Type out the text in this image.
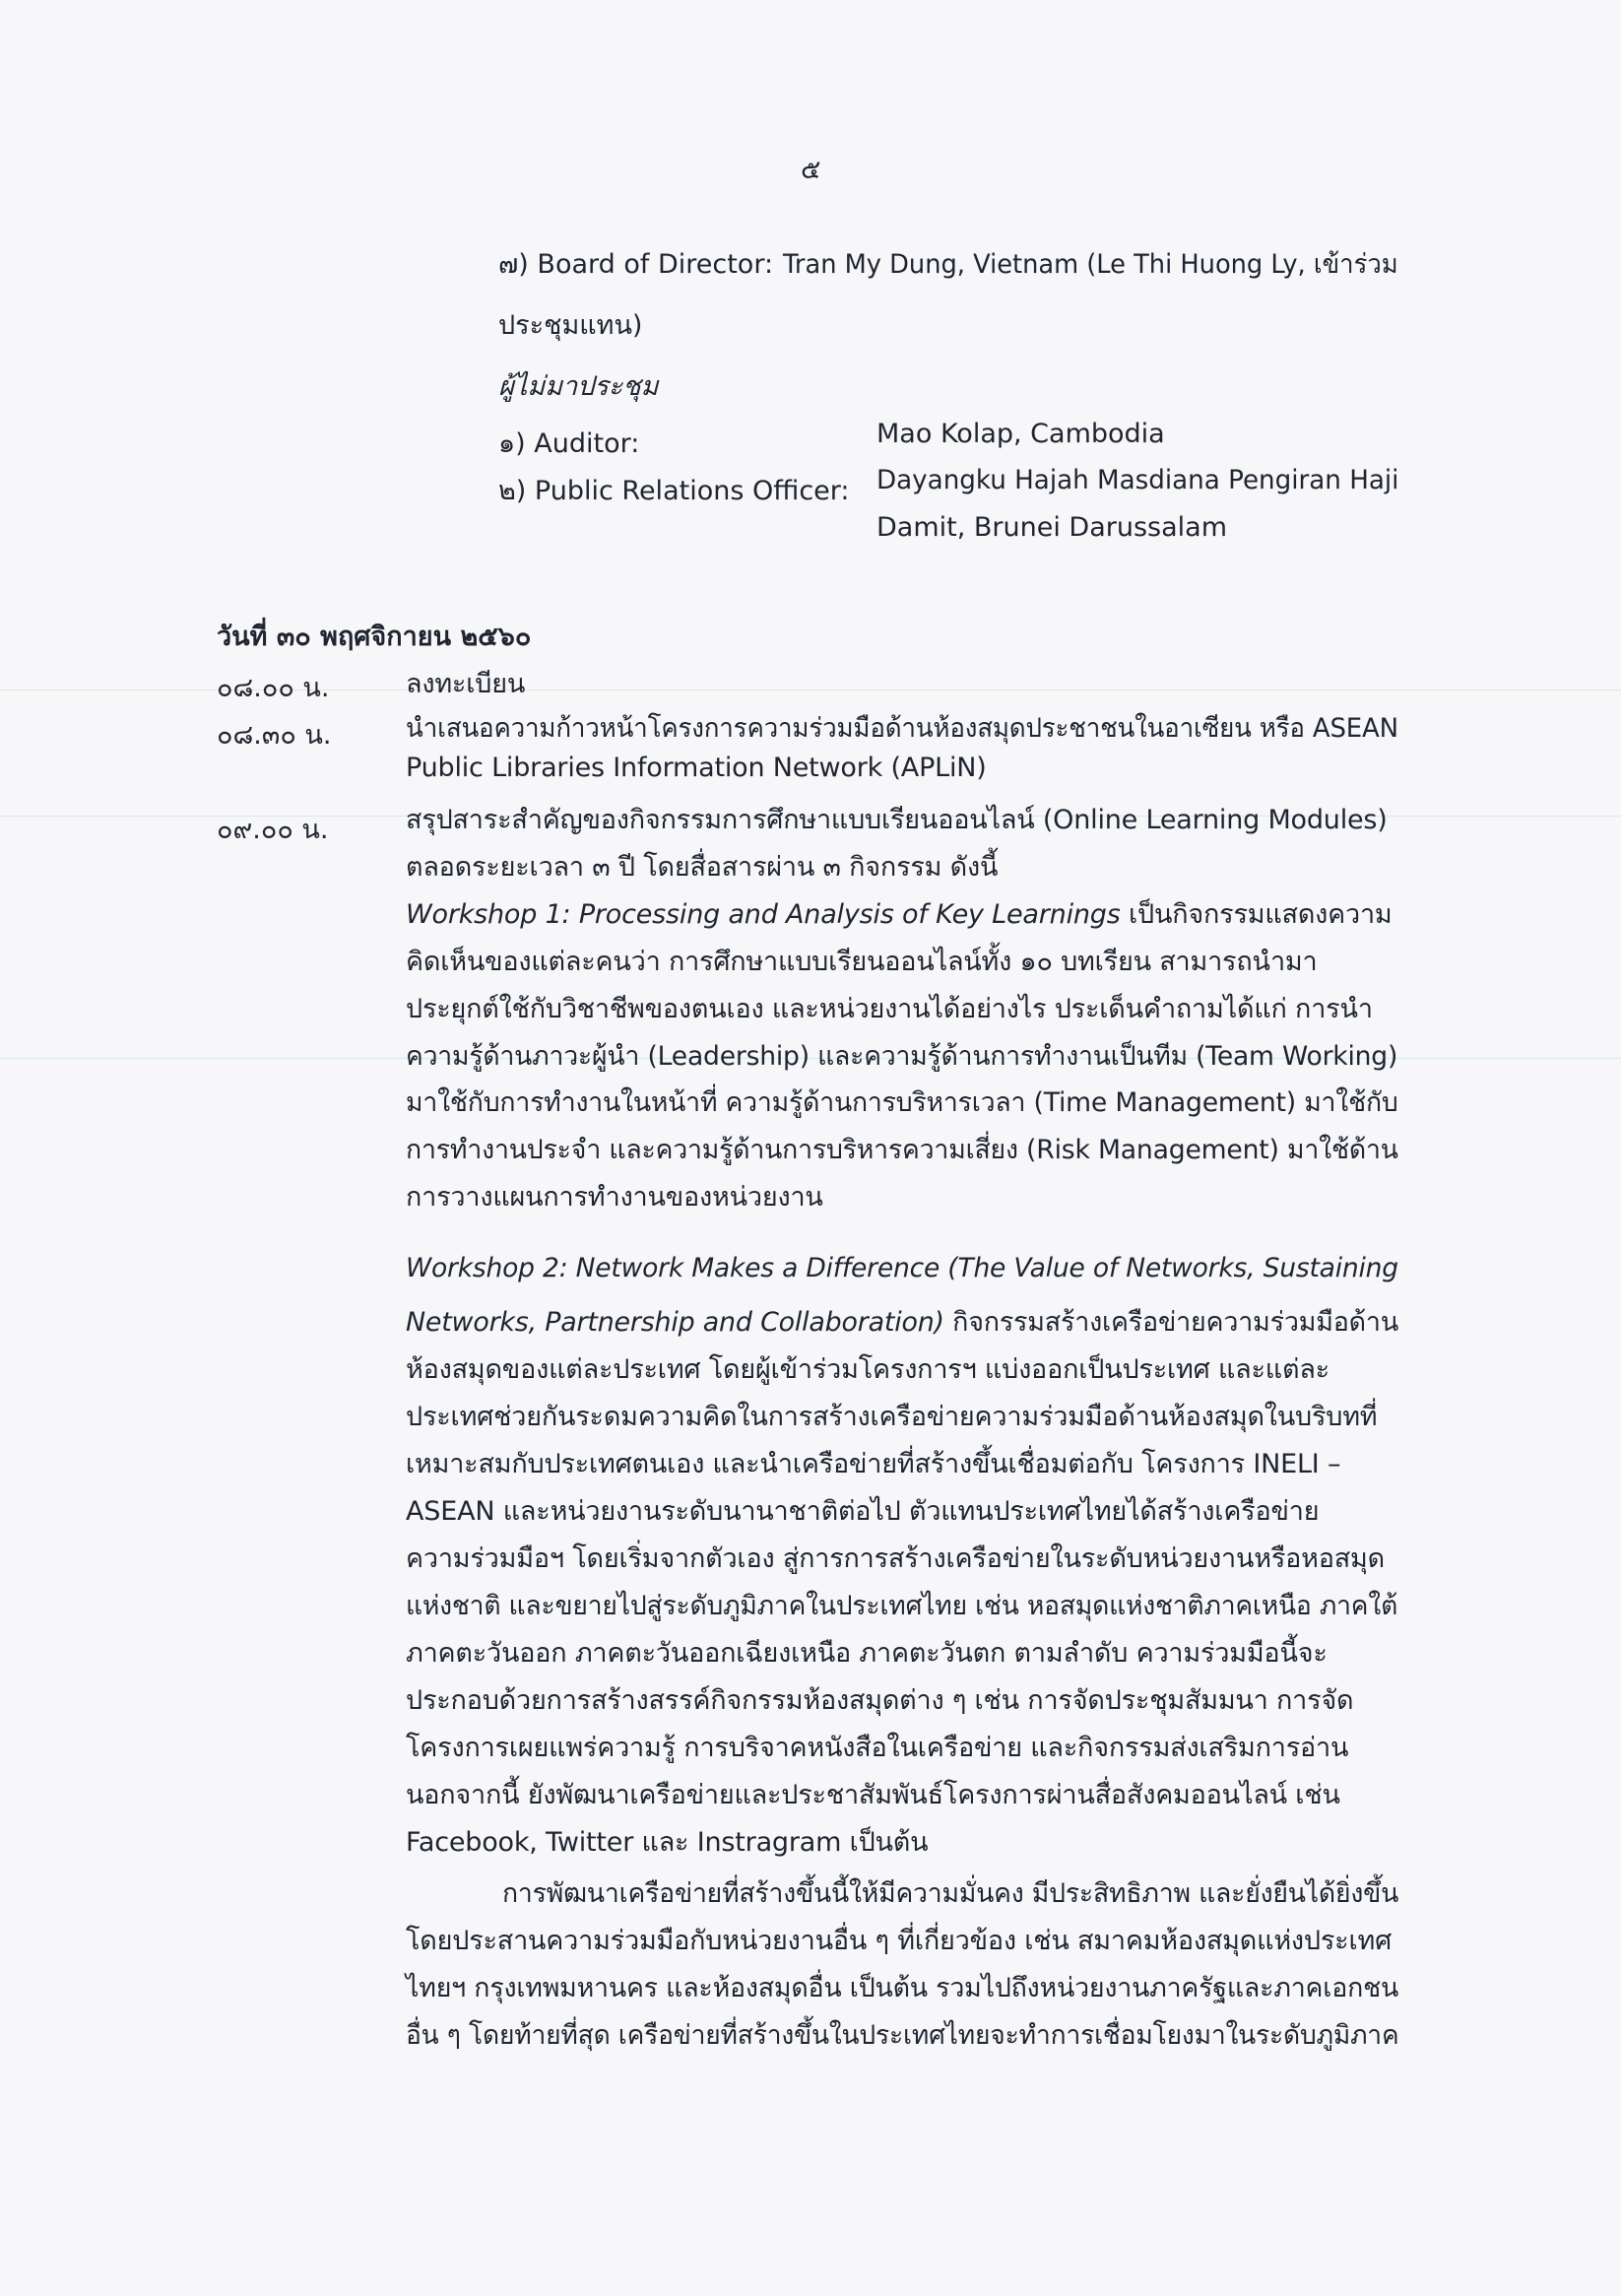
๕
๗) Board of Director: Tran My Dung, Vietnam (Le Thi Huong Ly, เข้าร่วม
ประชุมแทน)
ผู้ไม่มาประชุม
๑) Auditor:	Mao Kolap, Cambodia
๒) Public Relations Officer: Dayangku Hajah Masdiana Pengiran Haji
Damit, Brunei Darussalam
วันที่ ๓๐ พฤศจิกายน ๒๕๖๐
๐๘.๐๐ น.	ลงทะเบียน
๐๘.๓๐ น.	นำเสนอความก้าวหน้าโครงการความร่วมมือด้านห้องสมุดประชาชนในอาเซียน หรือ ASEAN
Public Libraries Information Network (APLiN)
๐๙.๐๐ น.	สรุปสาระสำคัญของกิจกรรมการศึกษาแบบเรียนออนไลน์ (Online Learning Modules)
ตลอดระยะเวลา ๓ ปี โดยสื่อสารผ่าน ๓ กิจกรรม ดังนี้
Workshop 1: Processing and Analysis of Key Learnings เป็นกิจกรรมแสดงความ
คิดเห็นของแต่ละคนว่า การศึกษาแบบเรียนออนไลน์ทั้ง ๑๐ บทเรียน สามารถนำมา
ประยุกต์ใช้กับวิชาชีพของตนเอง และหน่วยงานได้อย่างไร ประเด็นคำถามได้แก่ การนำ
ความรู้ด้านภาวะผู้นำ (Leadership) และความรู้ด้านการทำงานเป็นทีม (Team Working)
มาใช้กับการทำงานในหน้าที่ ความรู้ด้านการบริหารเวลา (Time Management) มาใช้กับ
การทำงานประจำ และความรู้ด้านการบริหารความเสี่ยง (Risk Management) มาใช้ด้าน
การวางแผนการทำงานของหน่วยงาน
Workshop 2: Network Makes a Difference (The Value of Networks, Sustaining
Networks, Partnership and Collaboration) กิจกรรมสร้างเครือข่ายความร่วมมือด้าน
ห้องสมุดของแต่ละประเทศ โดยผู้เข้าร่วมโครงการฯ แบ่งออกเป็นประเทศ และแต่ละ
ประเทศช่วยกันระดมความคิดในการสร้างเครือข่ายความร่วมมือด้านห้องสมุดในบริบทที่
เหมาะสมกับประเทศตนเอง และนำเครือข่ายที่สร้างขึ้นเชื่อมต่อกับ โครงการ INELI –
ASEAN และหน่วยงานระดับนานาชาติต่อไป ตัวแทนประเทศไทยได้สร้างเครือข่าย
ความร่วมมือฯ โดยเริ่มจากตัวเอง สู่การการสร้างเครือข่ายในระดับหน่วยงานหรือหอสมุด
แห่งชาติ และขยายไปสู่ระดับภูมิภาคในประเทศไทย เช่น หอสมุดแห่งชาติภาคเหนือ ภาคใต้
ภาคตะวันออก ภาคตะวันออกเฉียงเหนือ ภาคตะวันตก ตามลำดับ ความร่วมมือนี้จะ
ประกอบด้วยการสร้างสรรค์กิจกรรมห้องสมุดต่าง ๆ เช่น การจัดประชุมสัมมนา การจัด
โครงการเผยแพร่ความรู้ การบริจาคหนังสือในเครือข่าย และกิจกรรมส่งเสริมการอ่าน
นอกจากนี้ ยังพัฒนาเครือข่ายและประชาสัมพันธ์โครงการผ่านสื่อสังคมออนไลน์ เช่น
Facebook, Twitter และ Instragram เป็นต้น
การพัฒนาเครือข่ายที่สร้างขึ้นนี้ให้มีความมั่นคง มีประสิทธิภาพ และยั่งยืนได้ยิ่งขึ้น
โดยประสานความร่วมมือกับหน่วยงานอื่น ๆ ที่เกี่ยวข้อง เช่น สมาคมห้องสมุดแห่งประเทศ
ไทยฯ กรุงเทพมหานคร และห้องสมุดอื่น เป็นต้น รวมไปถึงหน่วยงานภาครัฐและภาคเอกชน
อื่น ๆ โดยท้ายที่สุด เครือข่ายที่สร้างขึ้นในประเทศไทยจะทำการเชื่อมโยงมาในระดับภูมิภาค
